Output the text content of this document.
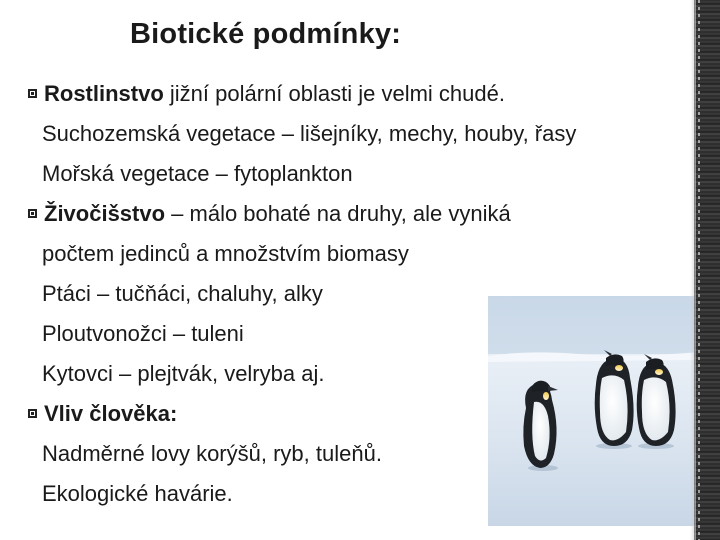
Biotické podmínky:
Rostlinstvo jižní polární oblasti je velmi chudé.
Suchozemská vegetace – lišejníky, mechy, houby, řasy
Mořská vegetace – fytoplankton
Živočišstvo – málo bohaté na druhy, ale vyniká
počtem jedinců a množstvím biomasy
Ptáci – tučňáci, chaluhy, alky
Ploutvonožci – tuleni
Kytovci – plejtvák, velryba aj.
Vliv člověka:
Nadměrné lovy korýšů, ryb, tuleňů.
Ekologické havárie.
